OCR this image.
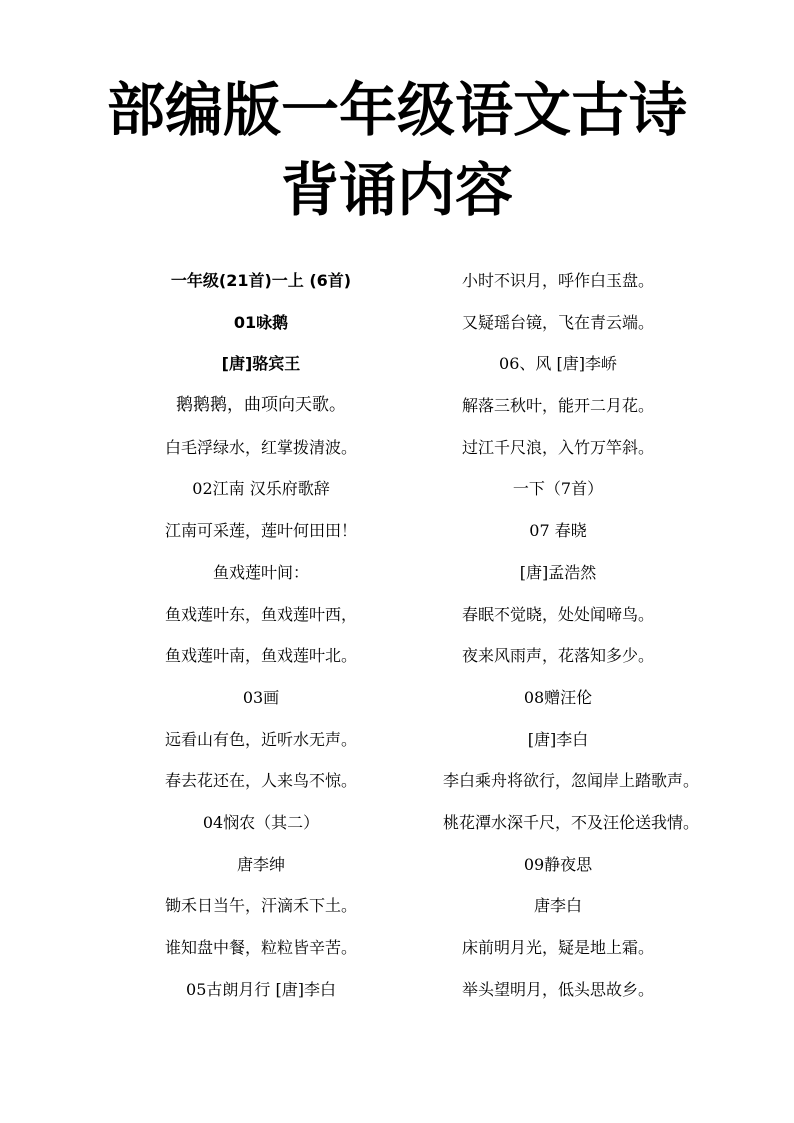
部编版一年级语文古诗
背诵内容
一年级(21首)一上 (6首)
01咏鹅
[唐]骆宾王
鹅鹅鹅，曲项向天歌。
白毛浮绿水，红掌拨清波。
02江南 汉乐府歌辞
江南可采莲，莲叶何田田！
鱼戏莲叶间：
鱼戏莲叶东，鱼戏莲叶西，
鱼戏莲叶南，鱼戏莲叶北。
03画
远看山有色，近听水无声。
春去花还在，人来鸟不惊。
04悯农（其二）
唐李绅
锄禾日当午，汗滴禾下土。
谁知盘中餐，粒粒皆辛苦。
05古朗月行 [唐]李白
小时不识月，呼作白玉盘。
又疑瑶台镜，飞在青云端。
06、风 [唐]李峤
解落三秋叶，能开二月花。
过江千尺浪，入竹万竿斜。
一下（7首）
07 春晓
[唐]孟浩然
春眠不觉晓，处处闻啼鸟。
夜来风雨声，花落知多少。
08赠汪伦
[唐]李白
李白乘舟将欲行，忽闻岸上踏歌声。
桃花潭水深千尺，不及汪伦送我情。
09静夜思
唐李白
床前明月光，疑是地上霜。
举头望明月，低头思故乡。
